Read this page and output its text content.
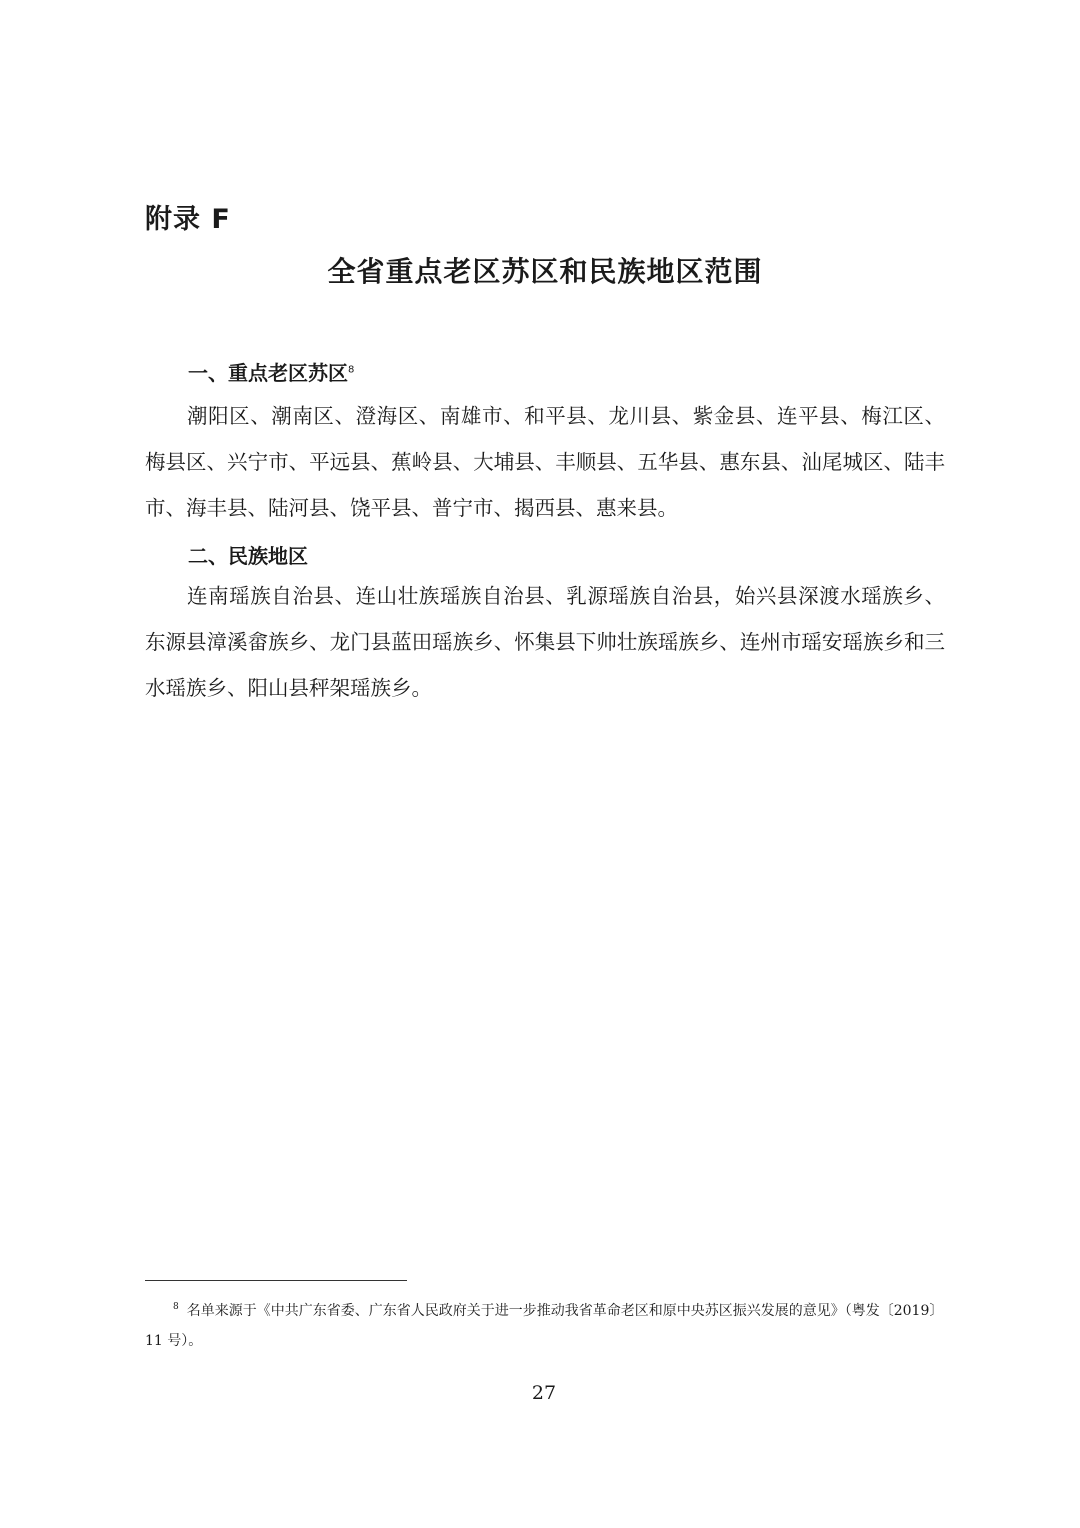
附录 F
全省重点老区苏区和民族地区范围
一、重点老区苏区$^8$

潮阳区、潮南区、澄海区、南雄市、和平县、龙川县、紫金县、连平县、梅江区、梅县区、兴宁市、平远县、蕉岭县、大埔县、丰顺县、五华县、惠东县、汕尾城区、陆丰市、海丰县、陆河县、饶平县、普宁市、揭西县、惠来县。

二、民族地区

连南瑶族自治县、连山壮族瑶族自治县、乳源瑶族自治县，始兴县深渡水瑶族乡、东源县漳溪畲族乡、龙门县蓝田瑶族乡、怀集县下帅壮族瑶族乡、连州市瑶安瑶族乡和三水瑶族乡、阳山县秤架瑶族乡。

$^8$ 名单来源于《中共广东省委、广东省人民政府关于进一步推动我省革命老区和原中央苏区振兴发展的意见》（粤发〔2019〕11 号）。

27
